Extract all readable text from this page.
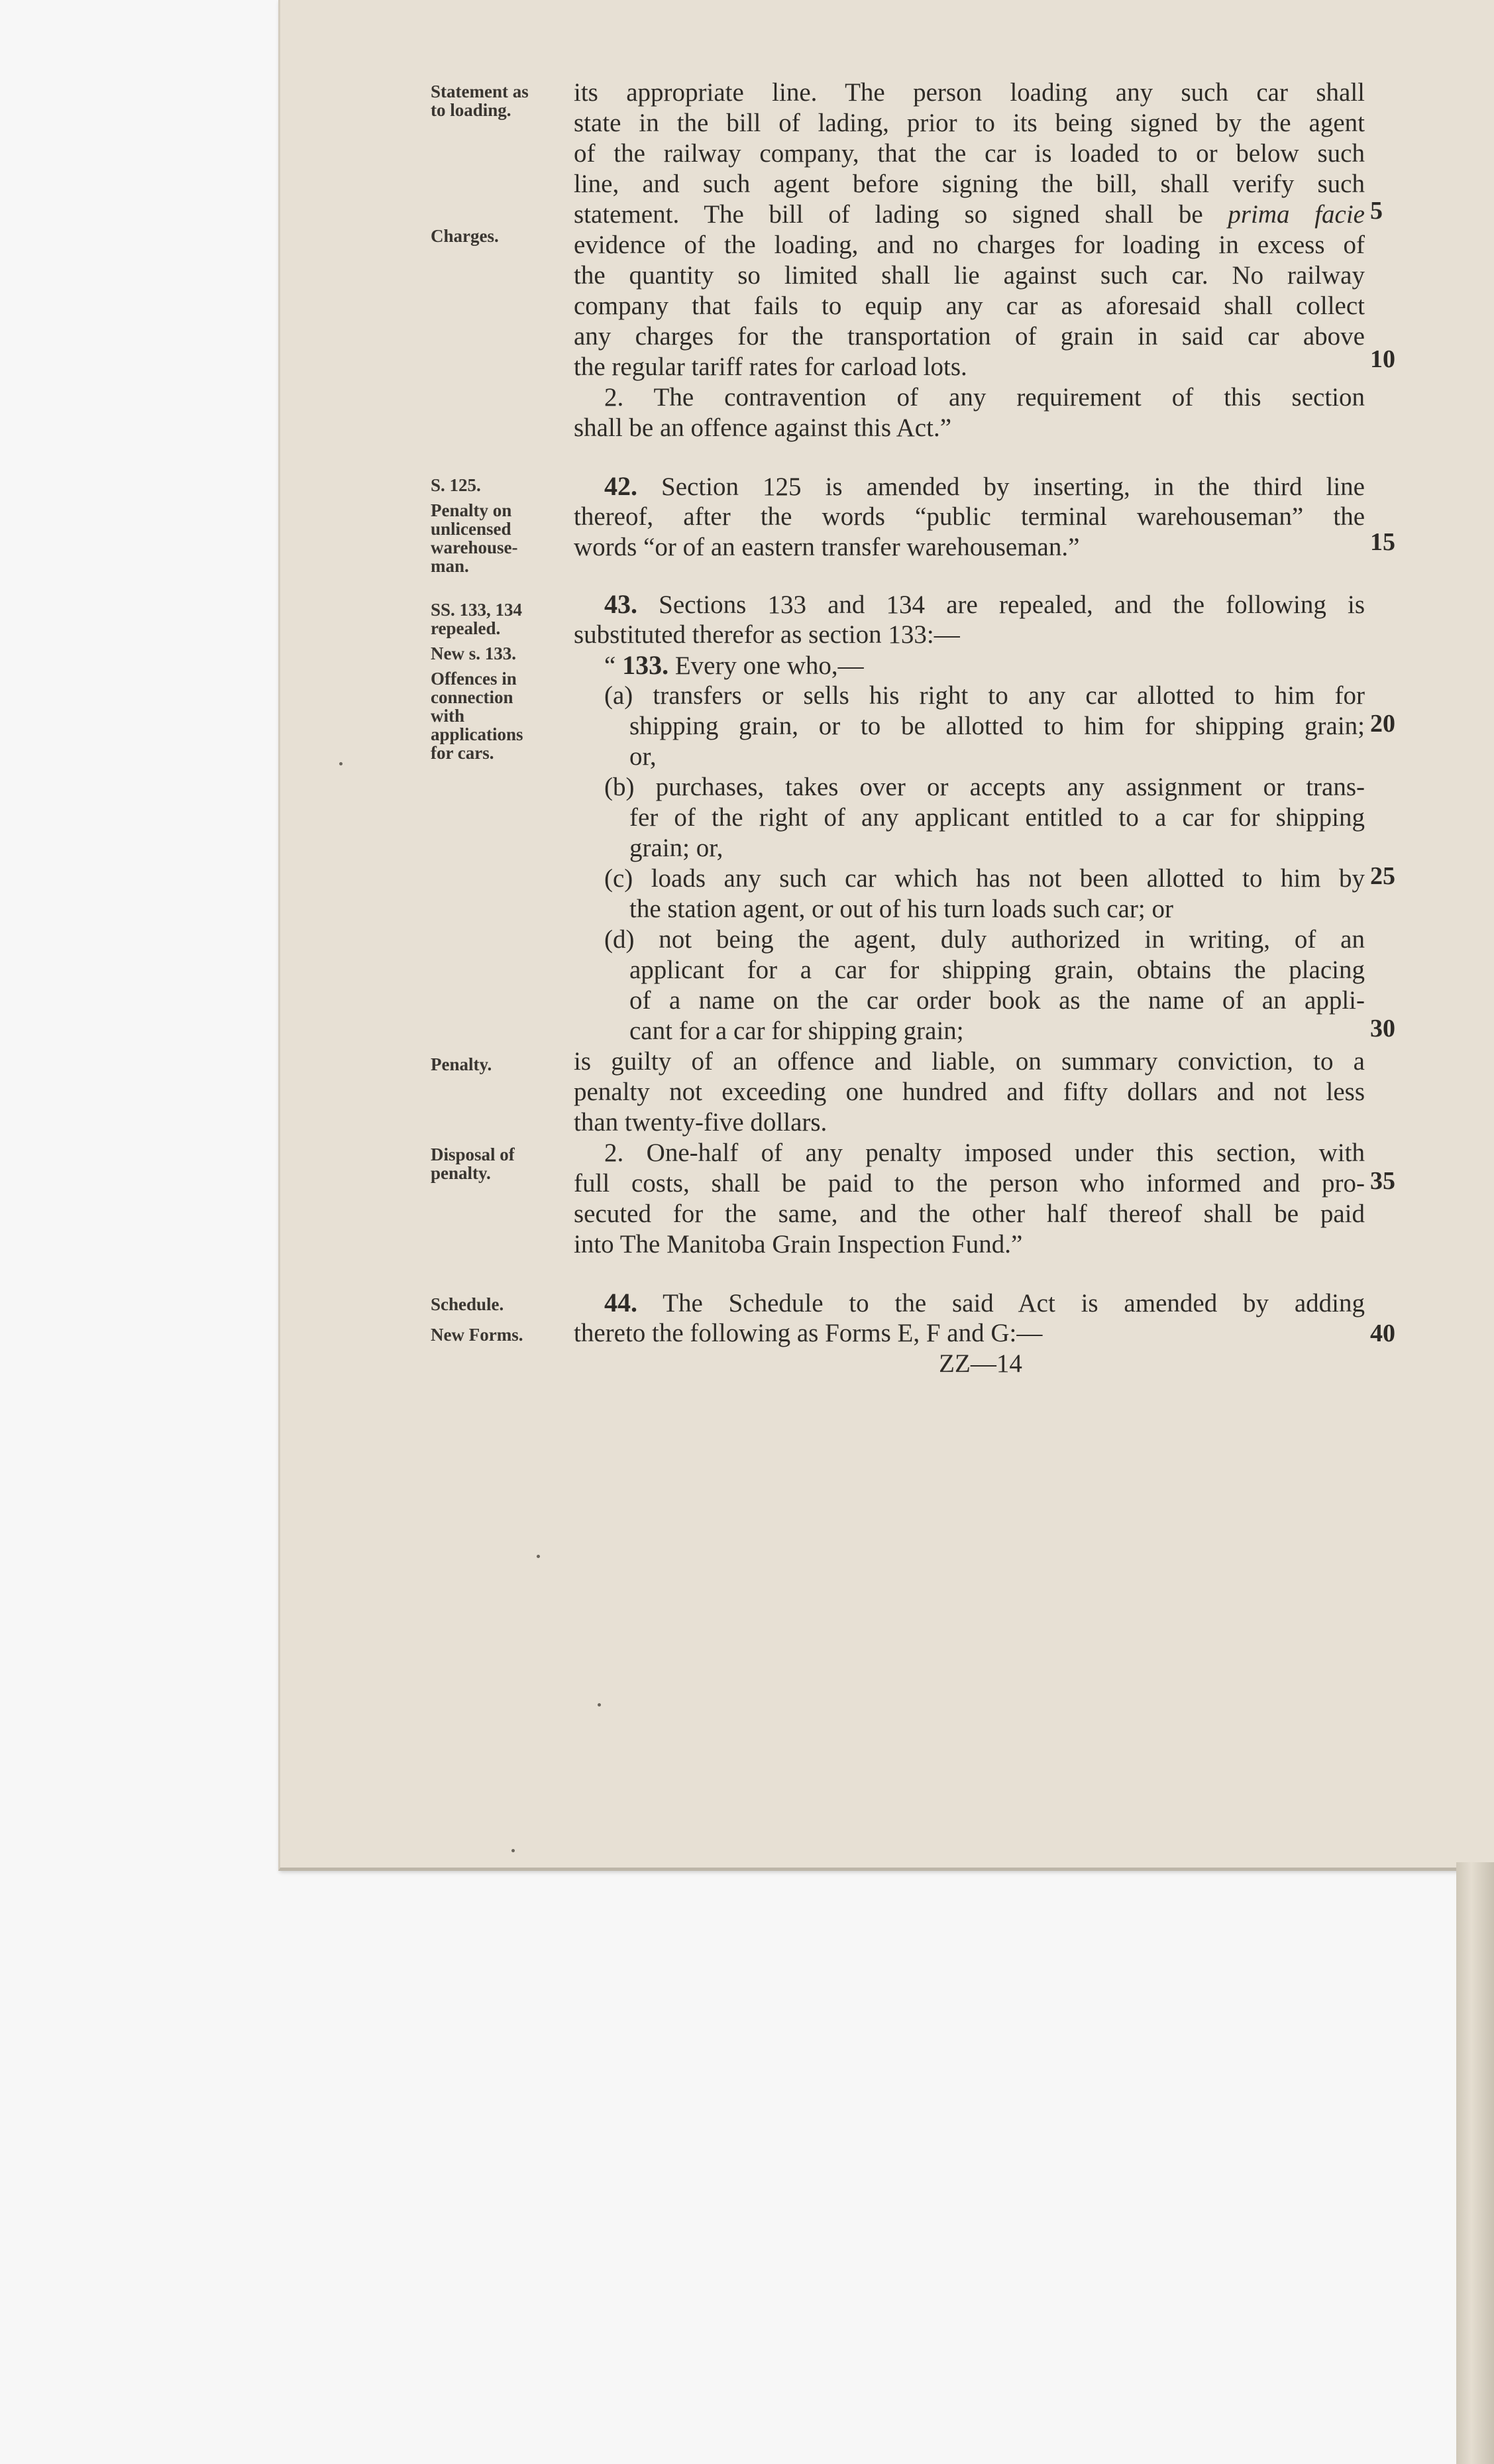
Statement as
to loading.
Charges.
S. 125.
Penalty on
unlicensed
warehouse-
man.
SS. 133, 134
repealed.
New s. 133.
Offences in
connection
with
applications
for cars.
Penalty.
Disposal of
penalty.
Schedule.
New Forms.
its appropriate line. The person loading any such car shall
state in the bill of lading, prior to its being signed by the agent
of the railway company, that the car is loaded to or below such
line, and such agent before signing the bill, shall verify such
statement. The bill of lading so signed shall be prima facie
evidence of the loading, and no charges for loading in excess of
the quantity so limited shall lie against such car. No railway
company that fails to equip any car as aforesaid shall collect
any charges for the transportation of grain in said car above
the regular tariff rates for carload lots.
2. The contravention of any requirement of this section
shall be an offence against this Act.”
42. Section 125 is amended by inserting, in the third line
thereof, after the words “public terminal warehouseman” the
words “or of an eastern transfer warehouseman.”
43. Sections 133 and 134 are repealed, and the following is
substituted therefor as section 133:—
“ 133. Every one who,—
(a) transfers or sells his right to any car allotted to him for
shipping grain, or to be allotted to him for shipping grain;
or,
(b) purchases, takes over or accepts any assignment or trans-
fer of the right of any applicant entitled to a car for shipping
grain; or,
(c) loads any such car which has not been allotted to him by
the station agent, or out of his turn loads such car; or
(d) not being the agent, duly authorized in writing, of an
applicant for a car for shipping grain, obtains the placing
of a name on the car order book as the name of an appli-
cant for a car for shipping grain;
is guilty of an offence and liable, on summary conviction, to a
penalty not exceeding one hundred and fifty dollars and not less
than twenty-five dollars.
2. One-half of any penalty imposed under this section, with
full costs, shall be paid to the person who informed and pro-
secuted for the same, and the other half thereof shall be paid
into The Manitoba Grain Inspection Fund.”
44. The Schedule to the said Act is amended by adding
thereto the following as Forms E, F and G:—
5
10
15
20
25
30
35
40
ZZ—14
